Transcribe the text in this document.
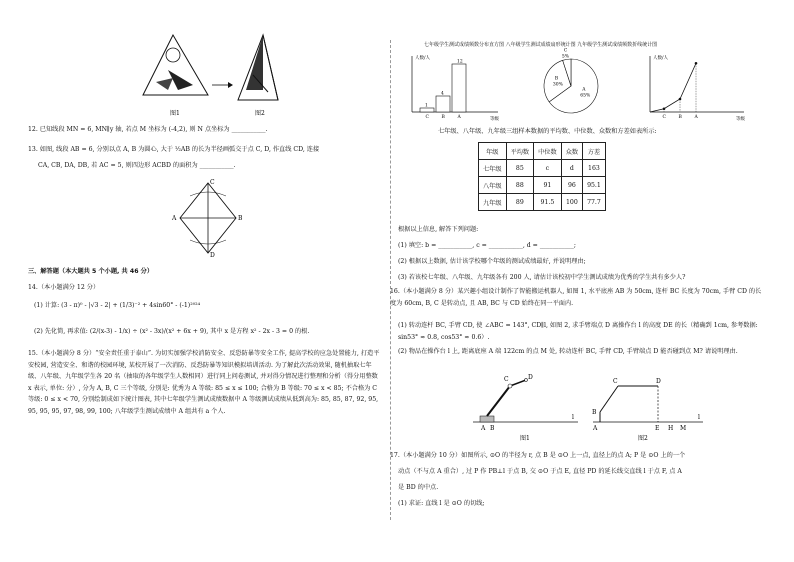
图1	图2
12. 已知线段 MN = 6, MN∥y 轴, 若点 M 坐标为 (-4,2), 则 N 点坐标为 ___________.
13. 如图, 线段 AB = 6, 分别以点 A, B 为圆心, 大于 ½AB 的长为半径画弧交于点 C, D, 作直线 CD, 连接
CA, CB, DA, DB, 若 AC = 5, 则四边形 ACBD 的面积为 ___________.
C
D
A	B
三、解答题（本大题共 5 个小题, 共 46 分）
14.（本小题满分 12 分）
(1) 计算: (3 - π)⁰ - |√3 - 2| + (1/3)⁻² + 4sin60° - (-1)²⁰²⁴
(2) 先化简, 再求值: (2/(x-3) - 1/x) ÷ (x² - 3x)/(x² + 6x + 9), 其中 x 是方程 x² - 2x - 3 = 0 的根.
15.（本小题满分 8 分）“安全责任重于泰山”. 为切实加强学校消防安全、反恐防暴等安全工作, 提高学校的应急处置能力, 打造平安校园, 营造安全、和谐的校园环境, 某校开展了一次消防、反恐防暴等知识模拟培训活动. 为了解此次活动效果, 随机抽取七年级、八年级、九年级学生各 20 名（抽取的各年级学生人数相同）进行同上问卷测试, 并对得分情况进行整理和分析（得分用整数 x 表示, 单位: 分）, 分为 A, B, C 三个等级, 分别是: 优秀为 A 等级: 85 ≤ x ≤ 100; 合格为 B 等级: 70 ≤ x < 85; 不合格为 C 等级: 0 ≤ x < 70, 分别绘制成如下统计图表, 其中七年级学生测试成绩数据中 A 等级测试成绩从低到高为: 85, 85, 87, 92, 95, 95, 95, 95, 97, 98, 99, 100; 八年级学生测试成绩中 A 组共有 a 个人.
七年级学生测试成绩频数分布直方图 八年级学生测试成绩扇形统计图 九年级学生测试成绩频数折线统计图
人数/人
等级
1
C
4
B
12
A
A
65%
B
30%
C
5%	人数/人
等级
C	B	A
七年级、八年级、九年级三组样本数据的平均数、中位数、众数和方差如表所示:
年级	平均数	中位数	众数	方差
七年级	85	c	d	163
八年级	88	91	96	95.1
九年级	89	91.5	100	77.7
根据以上信息, 解答下列问题:
(1) 填空: b = ___________, c = ___________, d = ___________;
(2) 根据以上数据, 估计该学校哪个年级的测试成绩最好, 并说明理由;
(3) 若该校七年级、八年级、九年级各有 200 人, 请估计该校初中学生测试成绩为优秀的学生共有多少人?
16.（本小题满分 8 分）某兴趣小组设计制作了智能搬运机器人, 如图 1, 水平底座 AB 为 50cm, 连杆 BC 长度为 70cm, 手臂 CD 的长度为 60cm, B, C 是转动点, 且 AB, BC 与 CD 始终在同一平面内.
(1) 转动连杆 BC, 手臂 CD, 使 ∠ABC = 143°, CD∥l, 如图 2, 求手臂端点 D 离操作台 l 的高度 DE 的长（精确到 1cm, 参考数据: sin53° ≈ 0.8, cos53° ≈ 0.6）.
(2) 物品在操作台 l 上, 距离底座 A 端 122cm 的点 M 处, 转动连杆 BC, 手臂 CD, 手臂端点 D 能否碰到点 M? 请说明理由.
C	D
A B
l
图1
A
B
C	D
E H M
l
图2
17.（本小题满分 10 分）如图所示, ⊙O 的半径为 r, 点 B 是 ⊙O 上一点, 直径上的点 A; P 是 ⊙O 上的一个
动点（不与点 A 重合）, 过 P 作 PB⊥l 于点 B, 交 ⊙O 于点 E, 直径 PD 的延长线交直线 l 于点 F, 点 A
是 BD 的中点.
(1) 求证: 直线 l 是 ⊙O 的切线;
